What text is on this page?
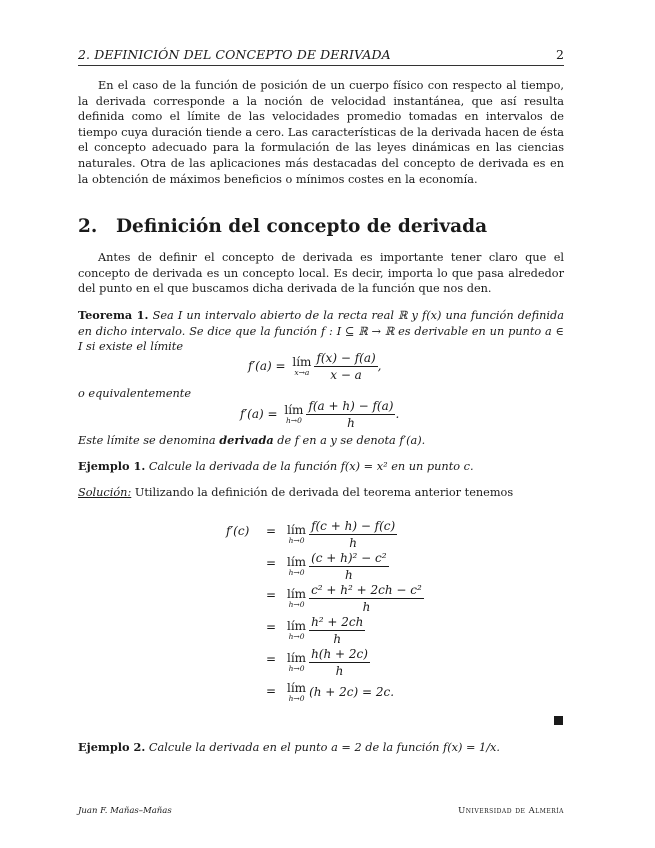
2. DEFINICIÓN DEL CONCEPTO DE DERIVADA	2

En el caso de la función de posición de un cuerpo físico con respecto al tiempo, la derivada corresponde a la noción de velocidad instantánea, que así resulta definida como el límite de las velocidades promedio tomadas en intervalos de tiempo cuya duración tiende a cero. Las características de la derivada hacen de ésta el concepto adecuado para la formulación de las leyes dinámicas en las ciencias naturales. Otra de las aplicaciones más destacadas del concepto de derivada es en la obtención de máximos beneficios o mínimos costes en la economía.

2. Definición del concepto de derivada

Antes de definir el concepto de derivada es importante tener claro que el concepto de derivada es un concepto local. Es decir, importa lo que pasa alrededor del punto en el que buscamos dicha derivada de la función que nos den.

Teorema 1. Sea I un intervalo abierto de la recta real ℝ y f(x) una función definida en dicho intervalo. Se dice que la función f : I ⊆ ℝ → ℝ es derivable en un punto a ∈ I si existe el límite
f′(a) = lím
$x\to a \frac{f(x) - f(a)}{x - a}$ ,
o equivalentemente
f′(a) = lím
$h\to 0 \frac{f(a + h) - f(a)}{h}$ .
Este límite se denomina derivada de f en a y se denota f′(a).
Ejemplo 1. Calcule la derivada de la función f(x) = x² en un punto c.
Solución: Utilizando la definición de derivada del teorema anterior tenemos
f′(c)	= lím
$h\to 0 \frac{f(c + h) - f(c)}{h}$
= lím
$h\to 0 \frac{\text{(c + h)² − c²}}{h}$
= lím
$h\to 0 \frac{\text{c² + h² + 2ch − c²}}{h}$
= lím
$h\to 0 \frac{\text{h² + 2ch}}{h}$
= lím
$h\to 0 \frac{h(h + 2c)}{h}$
= lím
h→0 (h + 2c) = 2c.
Ejemplo 2. Calcule la derivada en el punto a = 2 de la función f(x) = 1/x.
Juan F. Mañas–Mañas	Universidad de Almería
